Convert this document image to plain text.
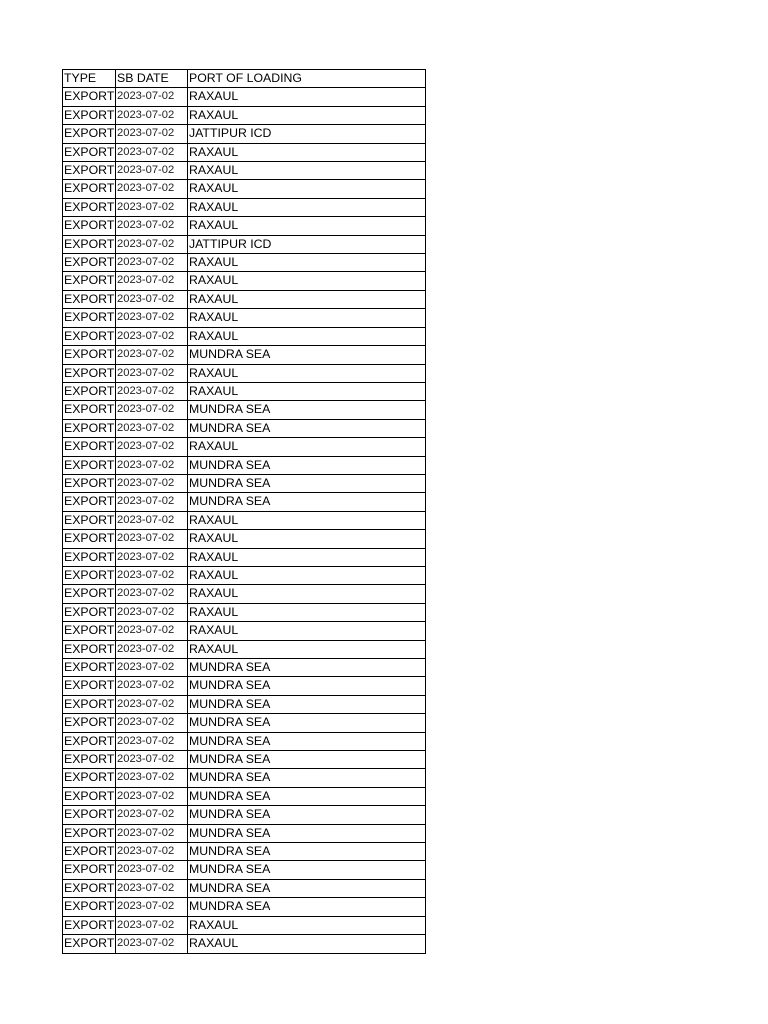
TYPE	SB DATE	PORT OF LOADING
EXPORT	2023-07-02	RAXAUL
EXPORT	2023-07-02	RAXAUL
EXPORT	2023-07-02	JATTIPUR ICD
EXPORT	2023-07-02	RAXAUL
EXPORT	2023-07-02	RAXAUL
EXPORT	2023-07-02	RAXAUL
EXPORT	2023-07-02	RAXAUL
EXPORT	2023-07-02	RAXAUL
EXPORT	2023-07-02	JATTIPUR ICD
EXPORT	2023-07-02	RAXAUL
EXPORT	2023-07-02	RAXAUL
EXPORT	2023-07-02	RAXAUL
EXPORT	2023-07-02	RAXAUL
EXPORT	2023-07-02	RAXAUL
EXPORT	2023-07-02	MUNDRA SEA
EXPORT	2023-07-02	RAXAUL
EXPORT	2023-07-02	RAXAUL
EXPORT	2023-07-02	MUNDRA SEA
EXPORT	2023-07-02	MUNDRA SEA
EXPORT	2023-07-02	RAXAUL
EXPORT	2023-07-02	MUNDRA SEA
EXPORT	2023-07-02	MUNDRA SEA
EXPORT	2023-07-02	MUNDRA SEA
EXPORT	2023-07-02	RAXAUL
EXPORT	2023-07-02	RAXAUL
EXPORT	2023-07-02	RAXAUL
EXPORT	2023-07-02	RAXAUL
EXPORT	2023-07-02	RAXAUL
EXPORT	2023-07-02	RAXAUL
EXPORT	2023-07-02	RAXAUL
EXPORT	2023-07-02	RAXAUL
EXPORT	2023-07-02	MUNDRA SEA
EXPORT	2023-07-02	MUNDRA SEA
EXPORT	2023-07-02	MUNDRA SEA
EXPORT	2023-07-02	MUNDRA SEA
EXPORT	2023-07-02	MUNDRA SEA
EXPORT	2023-07-02	MUNDRA SEA
EXPORT	2023-07-02	MUNDRA SEA
EXPORT	2023-07-02	MUNDRA SEA
EXPORT	2023-07-02	MUNDRA SEA
EXPORT	2023-07-02	MUNDRA SEA
EXPORT	2023-07-02	MUNDRA SEA
EXPORT	2023-07-02	MUNDRA SEA
EXPORT	2023-07-02	MUNDRA SEA
EXPORT	2023-07-02	MUNDRA SEA
EXPORT	2023-07-02	RAXAUL
EXPORT	2023-07-02	RAXAUL
